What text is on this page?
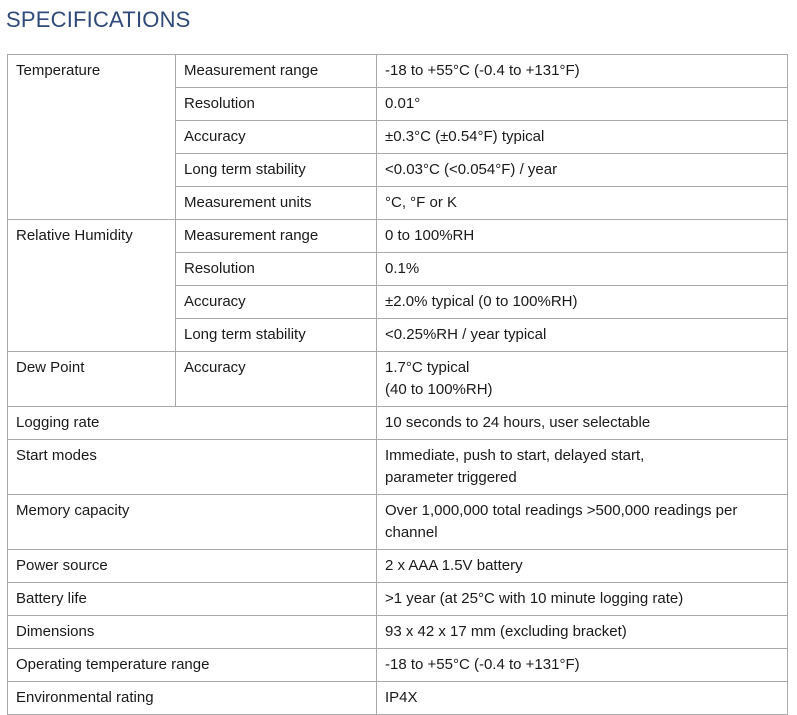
SPECIFICATIONS
Temperature	Measurement range	-18 to +55°C (-0.4 to +131°F)
	Resolution	0.01°
	Accuracy	±0.3°C (±0.54°F) typical
	Long term stability	<0.03°C (<0.054°F) / year
	Measurement units	°C, °F or K
Relative Humidity	Measurement range	0 to 100%RH
	Resolution	0.1%
	Accuracy	±2.0% typical (0 to 100%RH)
	Long term stability	<0.25%RH / year typical
Dew Point	Accuracy	1.7°C typical
(40 to 100%RH)

Logging rate		10 seconds to 24 hours, user selectable
Start modes		Immediate, push to start, delayed start,
parameter triggered

Memory capacity		Over 1,000,000 total readings >500,000 readings per
channel

Power source		2 x AAA 1.5V battery
Battery life		>1 year (at 25°C with 10 minute logging rate)
Dimensions		93 x 42 x 17 mm (excluding bracket)
Operating temperature range		-18 to +55°C (-0.4 to +131°F)
Environmental rating		IP4X
